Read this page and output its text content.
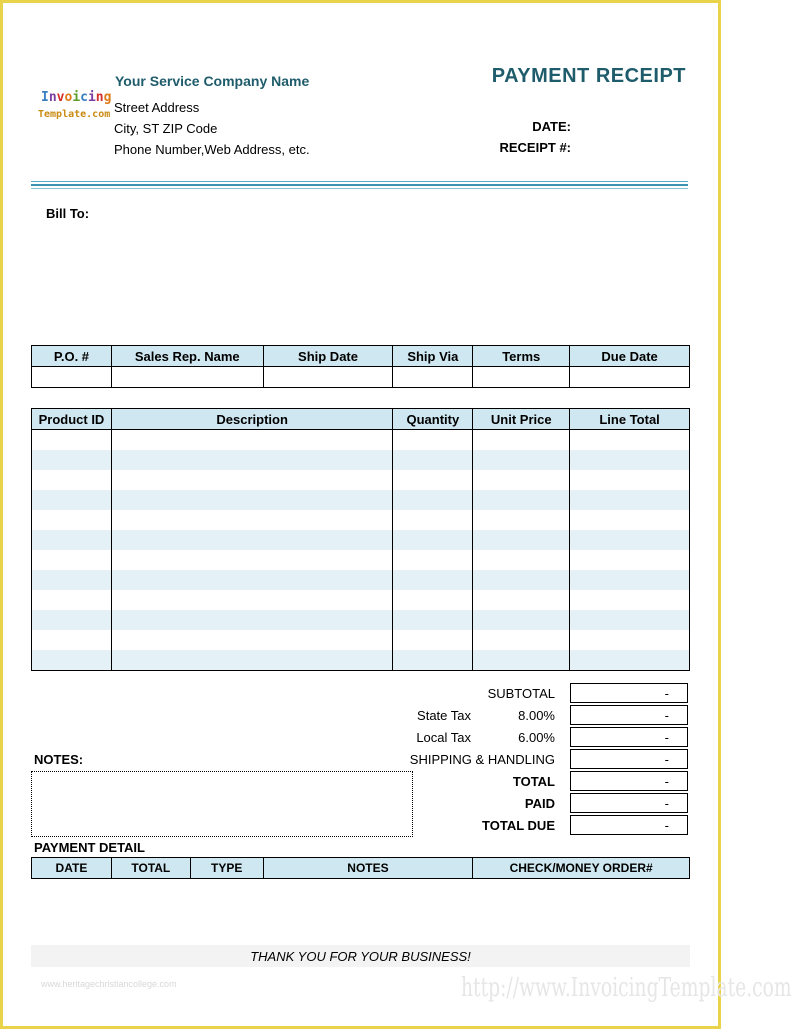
Invoicing
Template.com
Your Service Company Name
Street Address
City, ST ZIP Code
Phone Number,Web Address, etc.
PAYMENT RECEIPT
DATE:
RECEIPT #:
Bill To:
P.O. #	Sales Rep. Name	Ship Date	Ship Via	Terms	Due Date

Product ID	Description	Quantity	Unit Price	Line Total

SUBTOTAL	-
State Tax	8.00%	-
Local Tax	6.00%	-
SHIPPING & HANDLING	-
TOTAL	-
PAID	-
TOTAL DUE	-
NOTES:
PAYMENT DETAIL
DATE	TOTAL	TYPE	NOTES	CHECK/MONEY ORDER#
THANK YOU FOR YOUR BUSINESS!
www.heritagechristiancollege.com	http://www.InvoicingTemplate.com
